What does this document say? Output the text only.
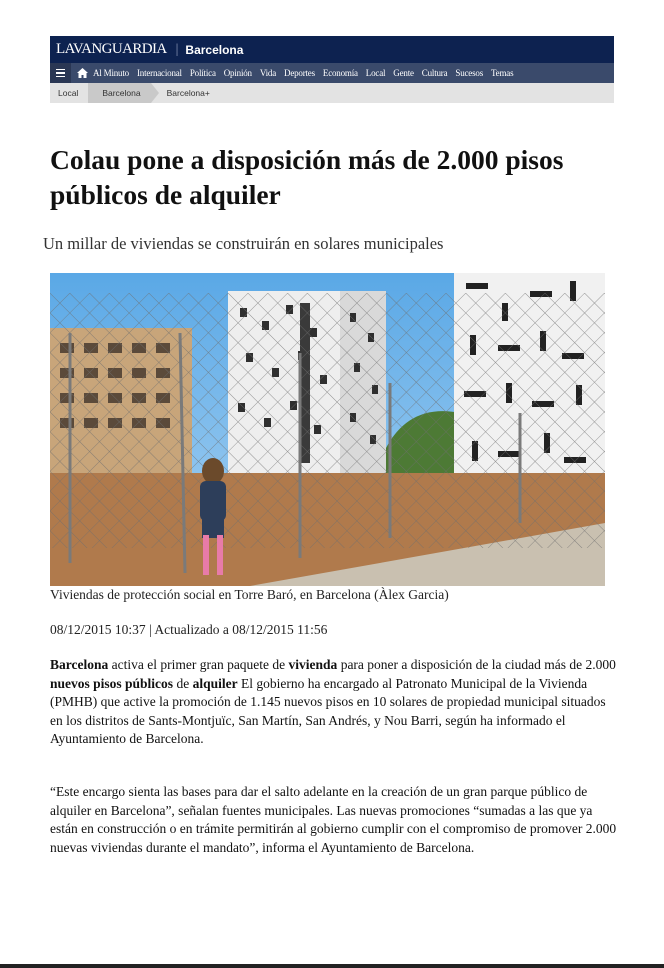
LAVANGUARDIA | Barcelona
Al Minuto Internacional Política Opinión Vida Deportes Economía Local Gente Cultura Sucesos Temas
Local	Barcelona	Barcelona+
Colau pone a disposición más de 2.000 pisos públicos de alquiler
Un millar de viviendas se construirán en solares municipales
Viviendas de protección social en Torre Baró, en Barcelona (Àlex Garcia)
08/12/2015 10:37 | Actualizado a 08/12/2015 11:56

Barcelona activa el primer gran paquete de vivienda para poner a disposición de la ciudad más de 2.000 nuevos pisos públicos de alquiler El gobierno ha encargado al Patronato Municipal de la Vivienda (PMHB) que active la promoción de 1.145 nuevos pisos en 10 solares de propiedad municipal situados en los distritos de Sants-Montjuïc, San Martín, San Andrés, y Nou Barri, según ha informado el Ayuntamiento de Barcelona.

“Este encargo sienta las bases para dar el salto adelante en la creación de un gran parque público de alquiler en Barcelona”, señalan fuentes municipales. Las nuevas promociones “sumadas a las que ya están en construcción o en trámite permitirán al gobierno cumplir con el compromiso de promover 2.000 nuevas viviendas durante el mandato”, informa el Ayuntamiento de Barcelona.
